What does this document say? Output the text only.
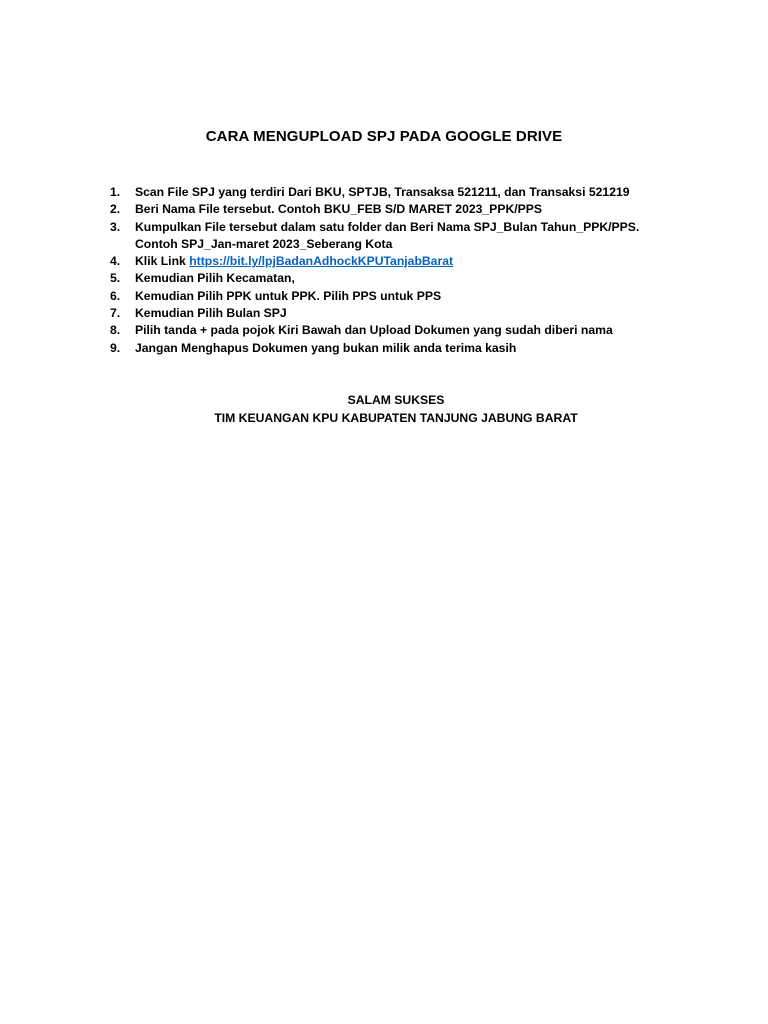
CARA MENGUPLOAD SPJ PADA GOOGLE DRIVE
1.	Scan File SPJ yang terdiri Dari BKU, SPTJB, Transaksa 521211, dan Transaksi 521219
2.	Beri Nama File tersebut. Contoh BKU_FEB S/D MARET 2023_PPK/PPS
3.	Kumpulkan File tersebut dalam satu folder dan Beri Nama SPJ_Bulan Tahun_PPK/PPS. Contoh SPJ_Jan-maret 2023_Seberang Kota
4.	Klik Link https://bit.ly/lpjBadanAdhockKPUTanjabBarat
5.	Kemudian Pilih Kecamatan,
6.	Kemudian Pilih PPK untuk PPK. Pilih PPS untuk PPS
7.	Kemudian Pilih Bulan SPJ
8.	Pilih tanda + pada pojok Kiri Bawah dan Upload Dokumen yang sudah diberi nama
9.	Jangan Menghapus Dokumen yang bukan milik anda terima kasih
SALAM SUKSES
TIM KEUANGAN KPU KABUPATEN TANJUNG JABUNG BARAT
